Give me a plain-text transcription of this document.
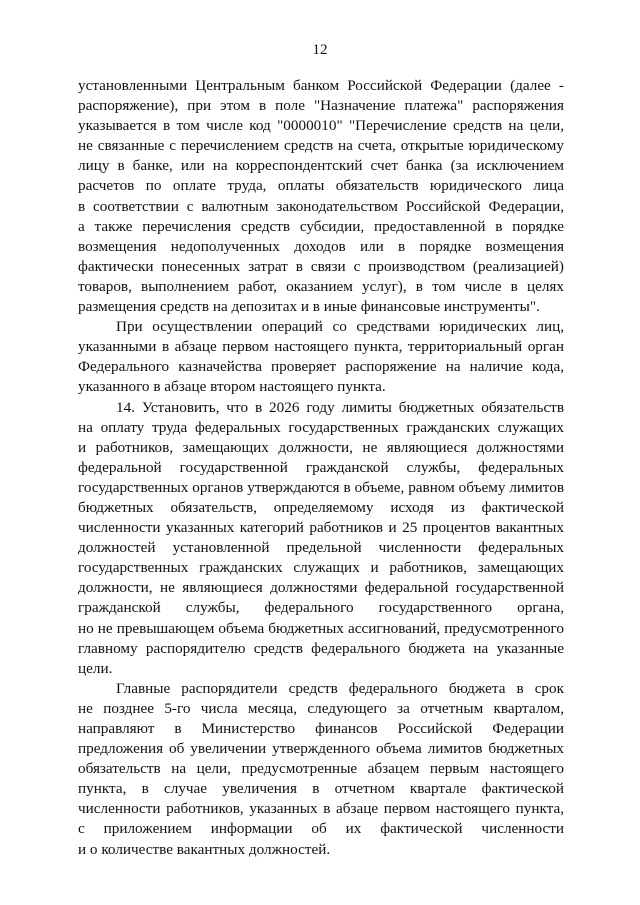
12
установленными Центральным банком Российской Федерации (далее -
распоряжение), при этом в поле "Назначение платежа" распоряжения
указывается в том числе код "0000010" "Перечисление средств на цели,
не связанные с перечислением средств на счета, открытые юридическому
лицу в банке, или на корреспондентский счет банка (за исключением
расчетов по оплате труда, оплаты обязательств юридического лица
в соответствии с валютным законодательством Российской Федерации,
а также перечисления средств субсидии, предоставленной в порядке
возмещения недополученных доходов или в порядке возмещения
фактически понесенных затрат в связи с производством (реализацией)
товаров, выполнением работ, оказанием услуг), в том числе в целях
размещения средств на депозитах и в иные финансовые инструменты".
При осуществлении операций со средствами юридических лиц,
указанными в абзаце первом настоящего пункта, территориальный орган
Федерального казначейства проверяет распоряжение на наличие кода,
указанного в абзаце втором настоящего пункта.
14. Установить, что в 2026 году лимиты бюджетных обязательств
на оплату труда федеральных государственных гражданских служащих
и работников, замещающих должности, не являющиеся должностями
федеральной государственной гражданской службы, федеральных
государственных органов утверждаются в объеме, равном объему лимитов
бюджетных обязательств, определяемому исходя из фактической
численности указанных категорий работников и 25 процентов вакантных
должностей установленной предельной численности федеральных
государственных гражданских служащих и работников, замещающих
должности, не являющиеся должностями федеральной государственной
гражданской службы, федерального государственного органа,
но не превышающем объема бюджетных ассигнований, предусмотренного
главному распорядителю средств федерального бюджета на указанные
цели.
Главные распорядители средств федерального бюджета в срок
не позднее 5-го числа месяца, следующего за отчетным кварталом,
направляют в Министерство финансов Российской Федерации
предложения об увеличении утвержденного объема лимитов бюджетных
обязательств на цели, предусмотренные абзацем первым настоящего
пункта, в случае увеличения в отчетном квартале фактической
численности работников, указанных в абзаце первом настоящего пункта,
с приложением информации об их фактической численности
и о количестве вакантных должностей.
